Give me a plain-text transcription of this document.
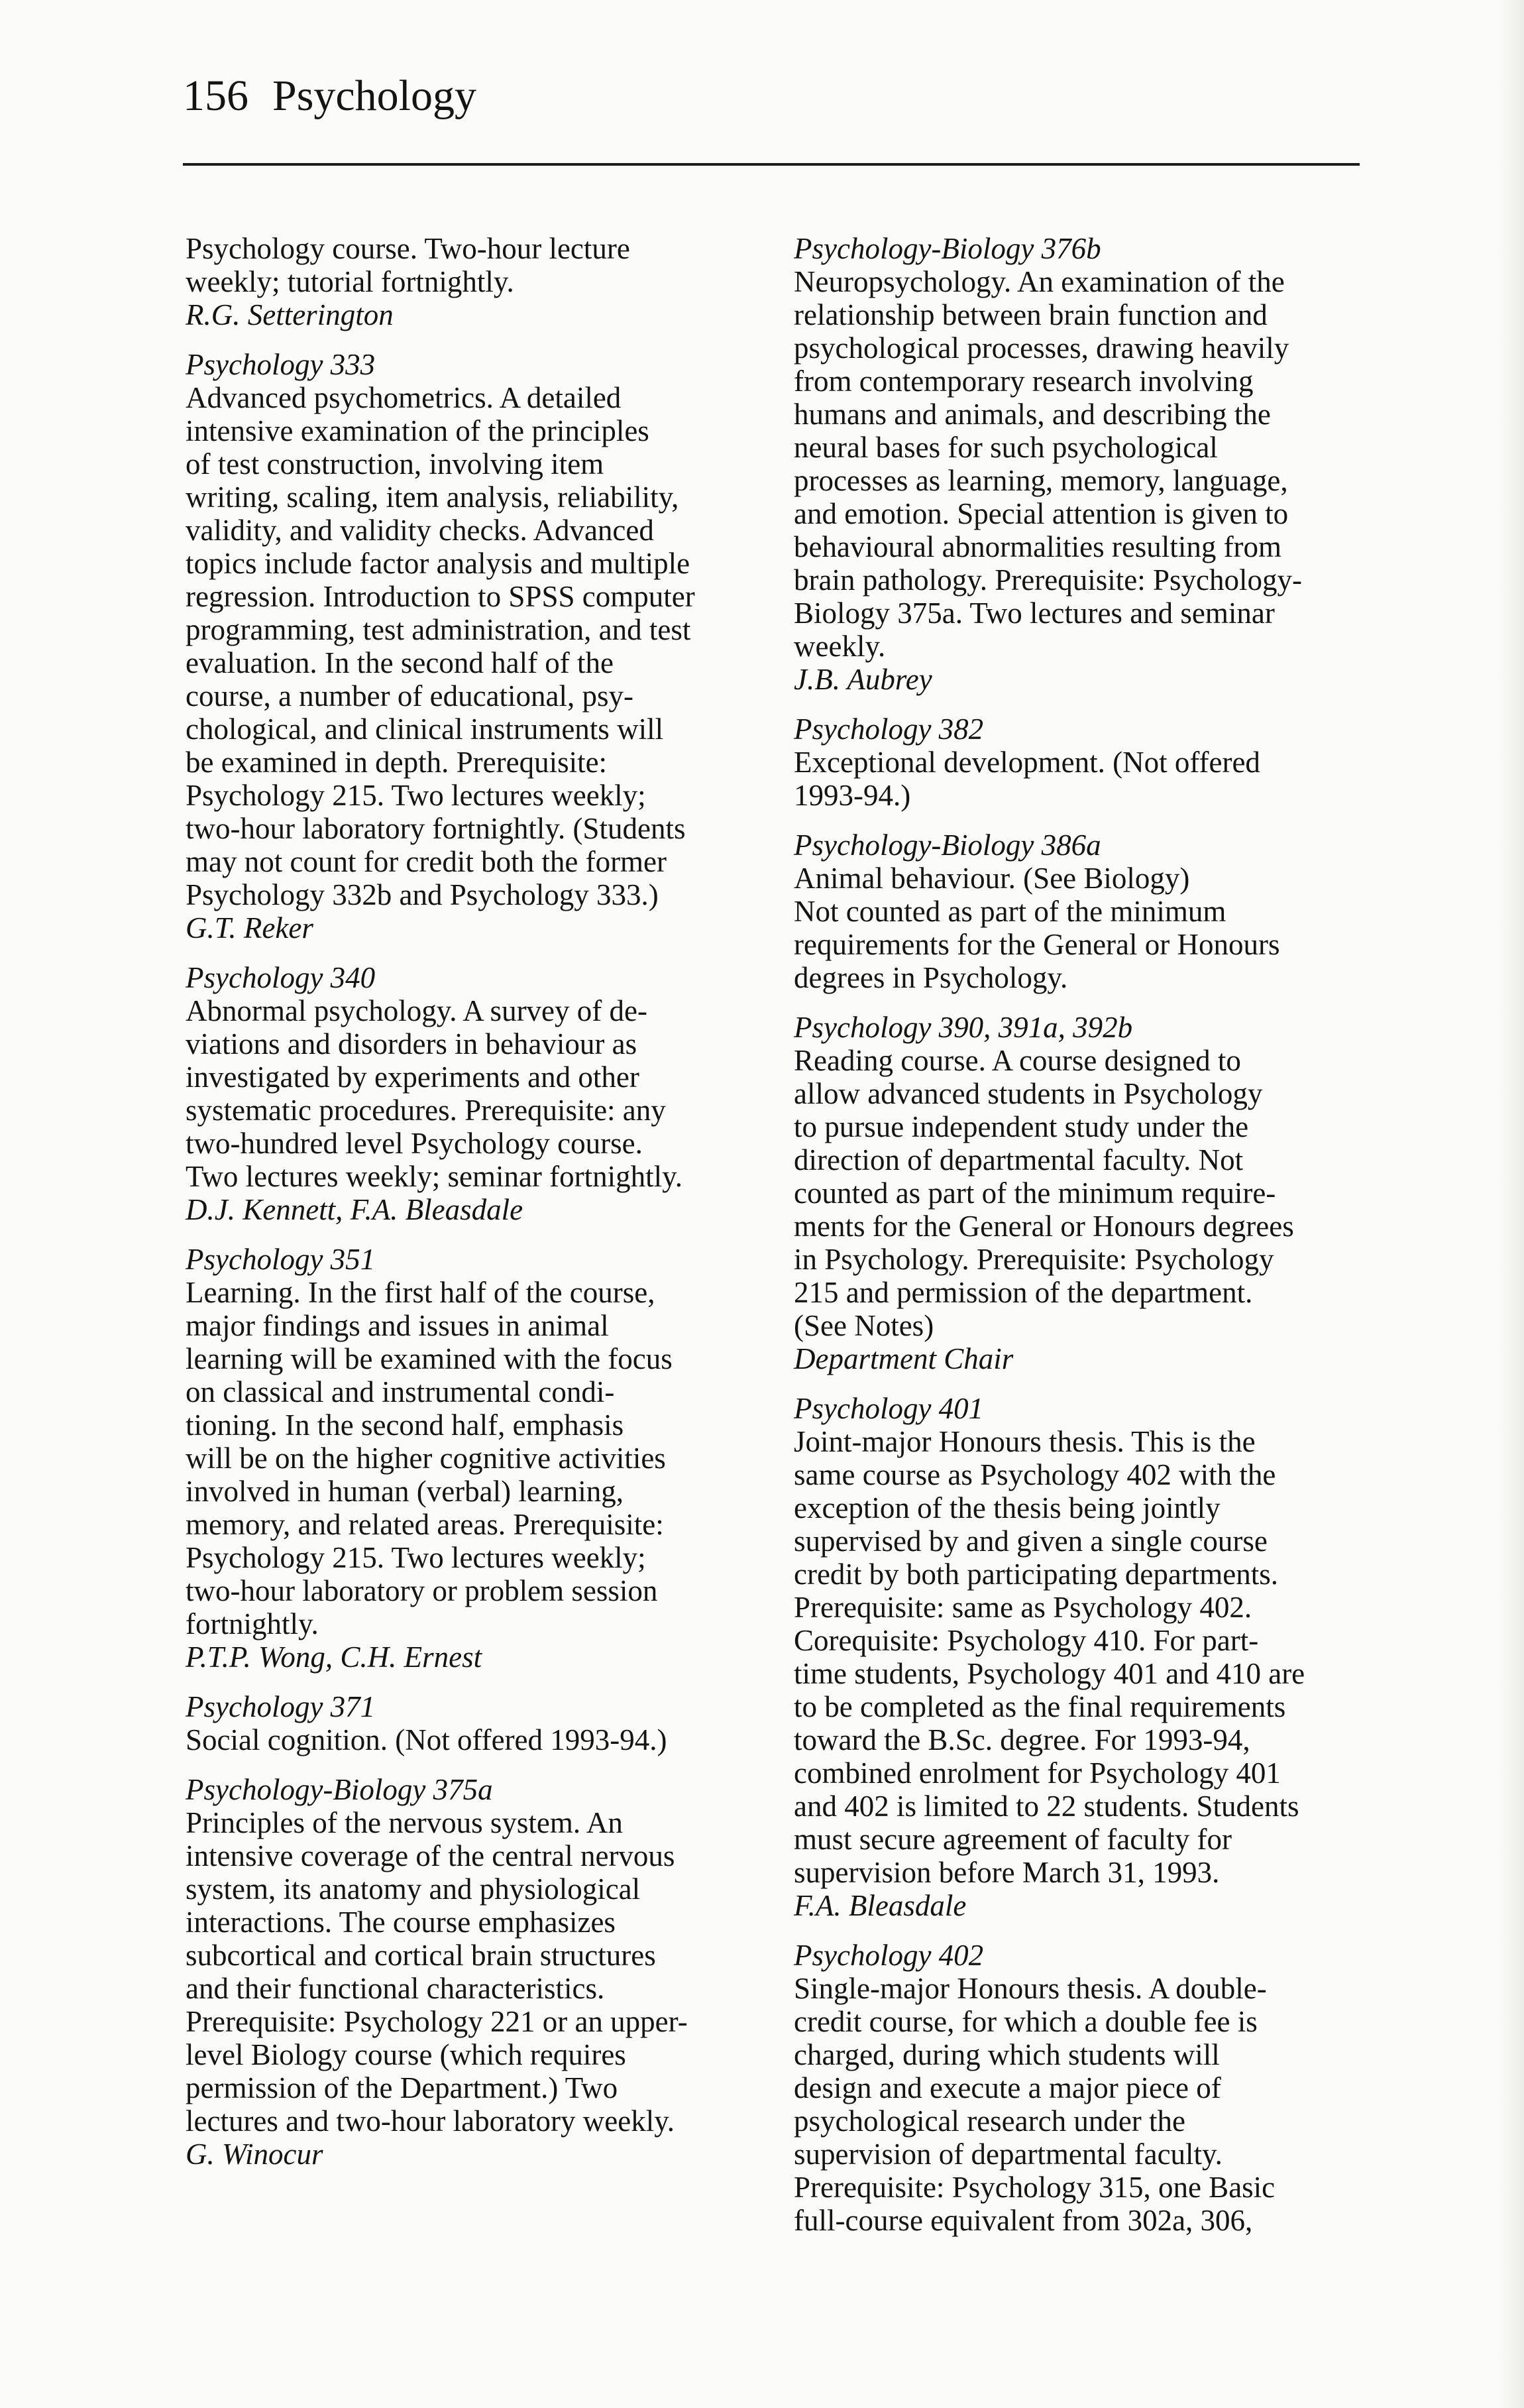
156 Psychology
Psychology course. Two-hour lecture
weekly; tutorial fortnightly.
R.G. Setterington
Psychology 333
Advanced psychometrics. A detailed
intensive examination of the principles
of test construction, involving item
writing, scaling, item analysis, reliability,
validity, and validity checks. Advanced
topics include factor analysis and multiple
regression. Introduction to SPSS computer
programming, test administration, and test
evaluation. In the second half of the
course, a number of educational, psy-
chological, and clinical instruments will
be examined in depth. Prerequisite:
Psychology 215. Two lectures weekly;
two-hour laboratory fortnightly. (Students
may not count for credit both the former
Psychology 332b and Psychology 333.)
G.T. Reker
Psychology 340
Abnormal psychology. A survey of de-
viations and disorders in behaviour as
investigated by experiments and other
systematic procedures. Prerequisite: any
two-hundred level Psychology course.
Two lectures weekly; seminar fortnightly.
D.J. Kennett, F.A. Bleasdale
Psychology 351
Learning. In the first half of the course,
major findings and issues in animal
learning will be examined with the focus
on classical and instrumental condi-
tioning. In the second half, emphasis
will be on the higher cognitive activities
involved in human (verbal) learning,
memory, and related areas. Prerequisite:
Psychology 215. Two lectures weekly;
two-hour laboratory or problem session
fortnightly.
P.T.P. Wong, C.H. Ernest
Psychology 371
Social cognition. (Not offered 1993-94.)
Psychology-Biology 375a
Principles of the nervous system. An
intensive coverage of the central nervous
system, its anatomy and physiological
interactions. The course emphasizes
subcortical and cortical brain structures
and their functional characteristics.
Prerequisite: Psychology 221 or an upper-
level Biology course (which requires
permission of the Department.) Two
lectures and two-hour laboratory weekly.
G. Winocur
Psychology-Biology 376b
Neuropsychology. An examination of the
relationship between brain function and
psychological processes, drawing heavily
from contemporary research involving
humans and animals, and describing the
neural bases for such psychological
processes as learning, memory, language,
and emotion. Special attention is given to
behavioural abnormalities resulting from
brain pathology. Prerequisite: Psychology-
Biology 375a. Two lectures and seminar
weekly.
J.B. Aubrey
Psychology 382
Exceptional development. (Not offered
1993-94.)
Psychology-Biology 386a
Animal behaviour. (See Biology)
Not counted as part of the minimum
requirements for the General or Honours
degrees in Psychology.
Psychology 390, 391a, 392b
Reading course. A course designed to
allow advanced students in Psychology
to pursue independent study under the
direction of departmental faculty. Not
counted as part of the minimum require-
ments for the General or Honours degrees
in Psychology. Prerequisite: Psychology
215 and permission of the department.
(See Notes)
Department Chair
Psychology 401
Joint-major Honours thesis. This is the
same course as Psychology 402 with the
exception of the thesis being jointly
supervised by and given a single course
credit by both participating departments.
Prerequisite: same as Psychology 402.
Corequisite: Psychology 410. For part-
time students, Psychology 401 and 410 are
to be completed as the final requirements
toward the B.Sc. degree. For 1993-94,
combined enrolment for Psychology 401
and 402 is limited to 22 students. Students
must secure agreement of faculty for
supervision before March 31, 1993.
F.A. Bleasdale
Psychology 402
Single-major Honours thesis. A double-
credit course, for which a double fee is
charged, during which students will
design and execute a major piece of
psychological research under the
supervision of departmental faculty.
Prerequisite: Psychology 315, one Basic
full-course equivalent from 302a, 306,
